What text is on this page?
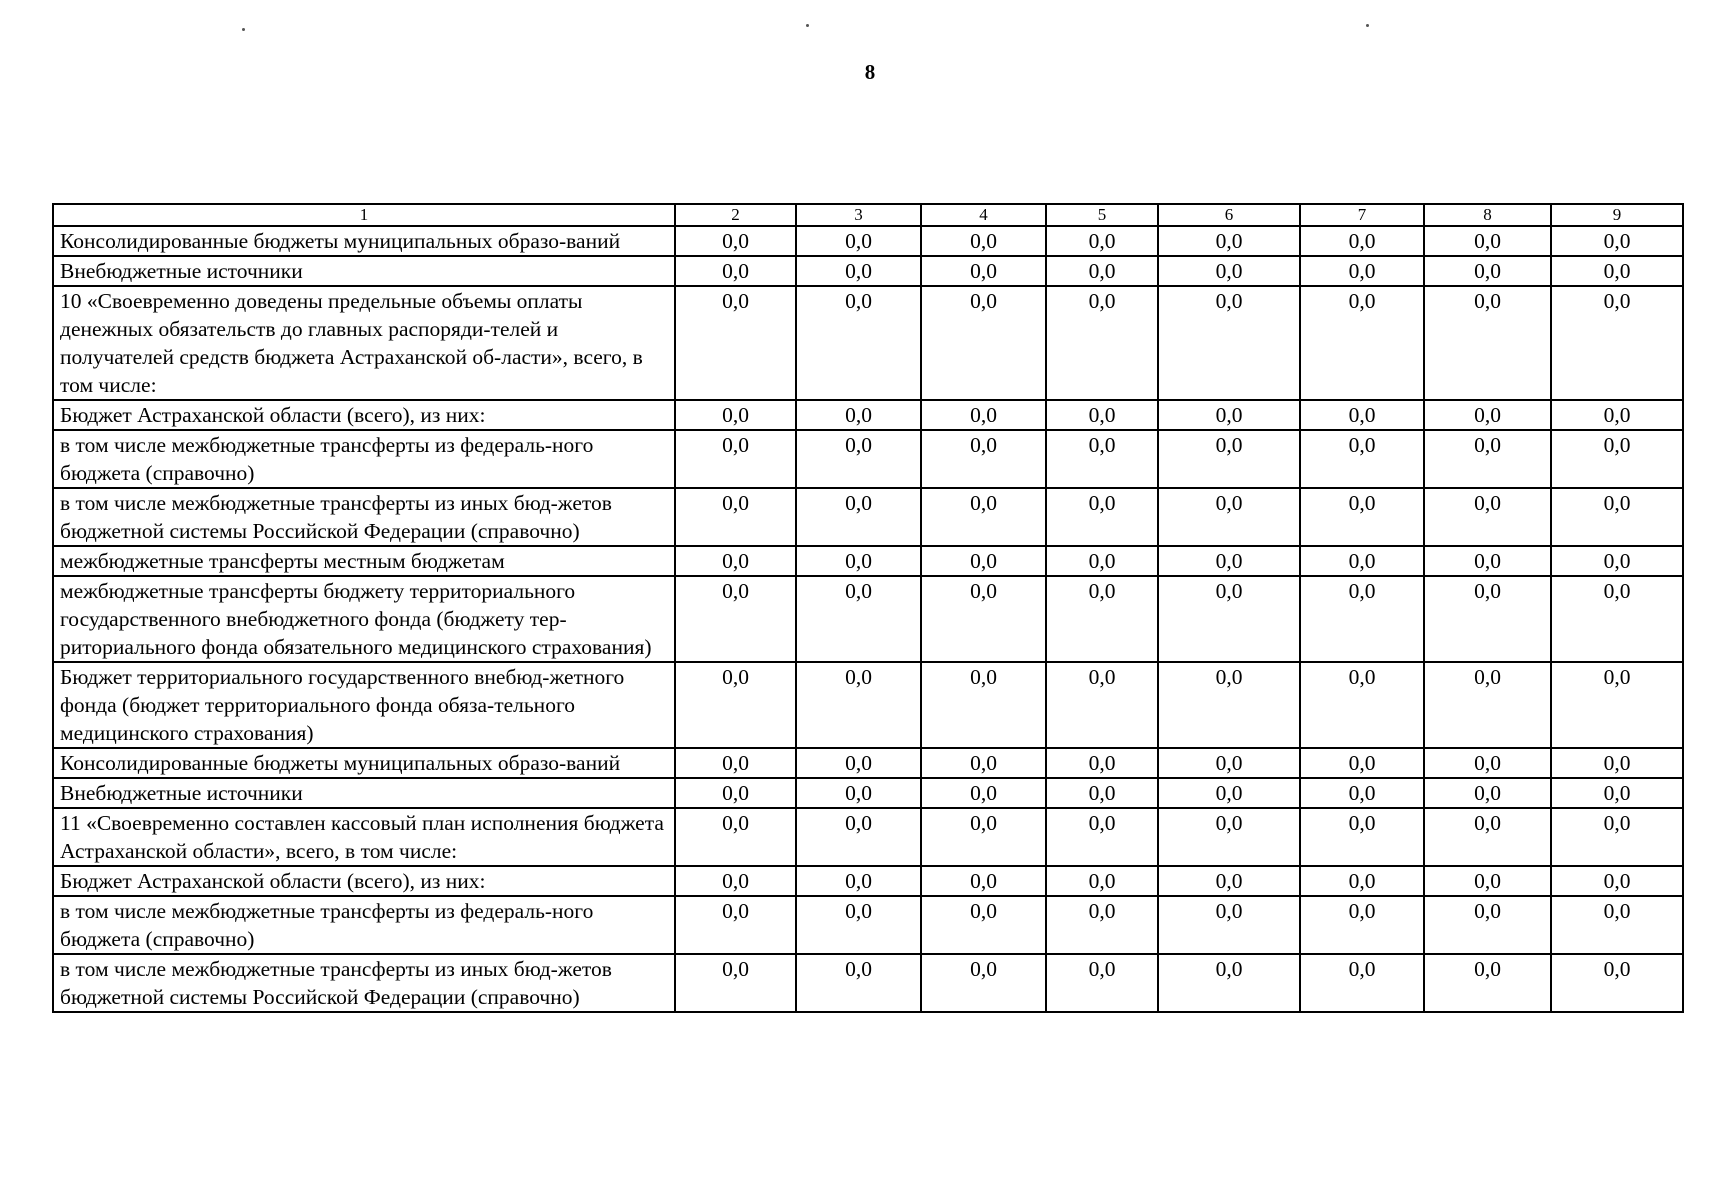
8
1	2	3	4	5	6	7	8	9
Консолидированные бюджеты муниципальных образо-ваний	0,0	0,0	0,0	0,0	0,0	0,0	0,0	0,0
Внебюджетные источники	0,0	0,0	0,0	0,0	0,0	0,0	0,0	0,0
10 «Своевременно доведены предельные объемы оплаты денежных обязательств до главных распоряди-телей и получателей средств бюджета Астраханской об-ласти», всего, в том числе:	0,0	0,0	0,0	0,0	0,0	0,0	0,0	0,0
Бюджет Астраханской области (всего), из них:	0,0	0,0	0,0	0,0	0,0	0,0	0,0	0,0
в том числе межбюджетные трансферты из федераль-ного бюджета (справочно)	0,0	0,0	0,0	0,0	0,0	0,0	0,0	0,0
в том числе межбюджетные трансферты из иных бюд-жетов бюджетной системы Российской Федерации (справочно)	0,0	0,0	0,0	0,0	0,0	0,0	0,0	0,0
межбюджетные трансферты местным бюджетам	0,0	0,0	0,0	0,0	0,0	0,0	0,0	0,0
межбюджетные трансферты бюджету территориального государственного внебюджетного фонда (бюджету тер-риториального фонда обязательного медицинского страхования)	0,0	0,0	0,0	0,0	0,0	0,0	0,0	0,0
Бюджет территориального государственного внебюд-жетного фонда (бюджет территориального фонда обяза-тельного медицинского страхования)	0,0	0,0	0,0	0,0	0,0	0,0	0,0	0,0
Консолидированные бюджеты муниципальных образо-ваний	0,0	0,0	0,0	0,0	0,0	0,0	0,0	0,0
Внебюджетные источники	0,0	0,0	0,0	0,0	0,0	0,0	0,0	0,0
11 «Своевременно составлен кассовый план исполнения бюджета Астраханской области», всего, в том числе:	0,0	0,0	0,0	0,0	0,0	0,0	0,0	0,0
Бюджет Астраханской области (всего), из них:	0,0	0,0	0,0	0,0	0,0	0,0	0,0	0,0
в том числе межбюджетные трансферты из федераль-ного бюджета (справочно)	0,0	0,0	0,0	0,0	0,0	0,0	0,0	0,0
в том числе межбюджетные трансферты из иных бюд-жетов бюджетной системы Российской Федерации (справочно)	0,0	0,0	0,0	0,0	0,0	0,0	0,0	0,0
